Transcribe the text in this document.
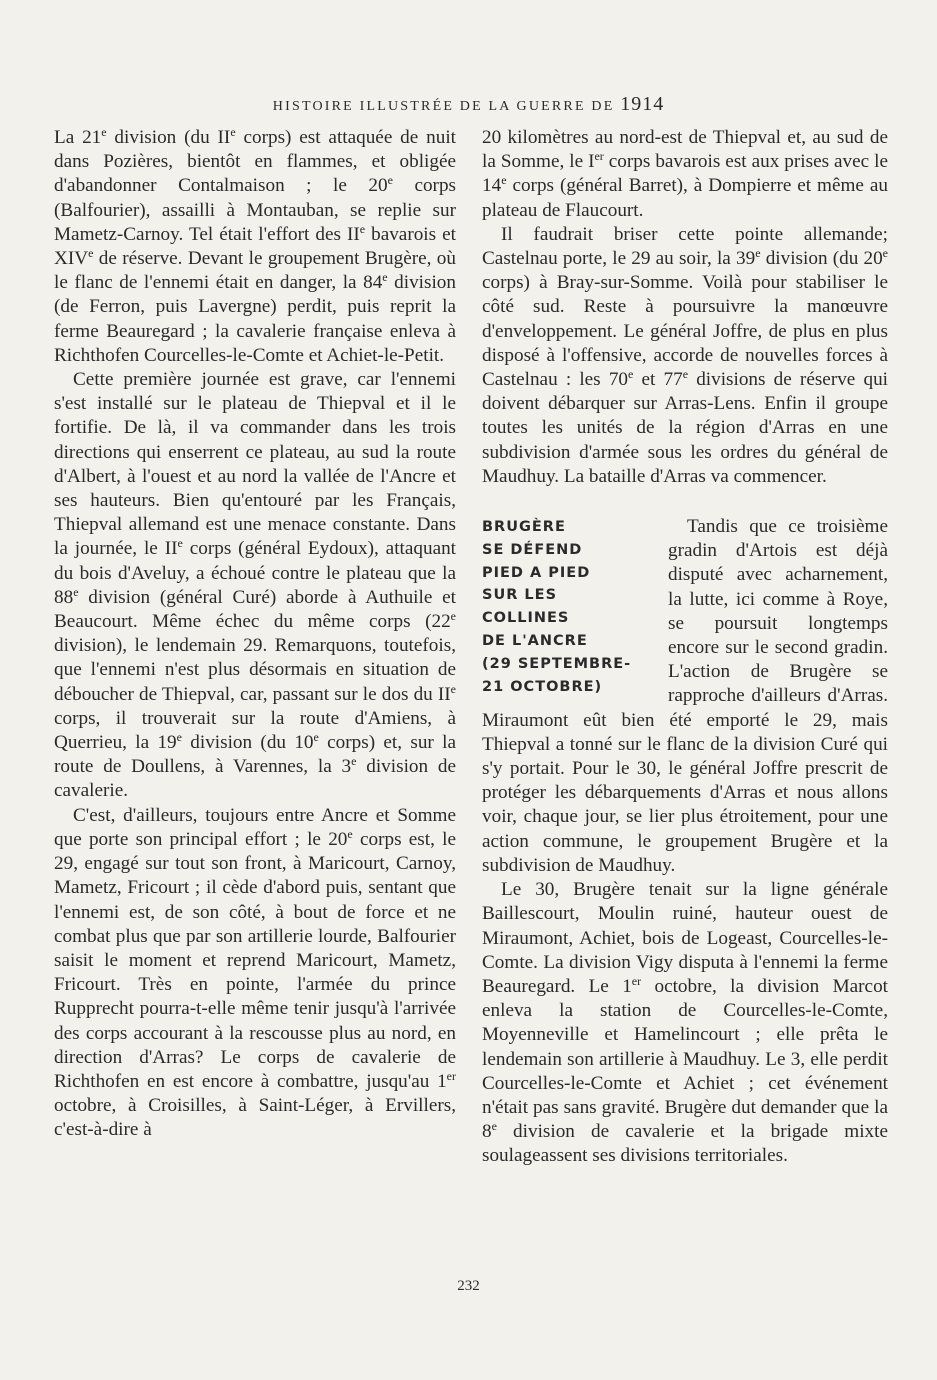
HISTOIRE ILLUSTRÉE DE LA GUERRE DE 1914

La 21e division (du IIe corps) est attaquée de nuit dans Pozières, bientôt en flammes, et obligée d'abandonner Contalmaison ; le 20e corps (Balfourier), assailli à Montauban, se replie sur Mametz-Carnoy. Tel était l'effort des IIe bavarois et XIVe de réserve. Devant le groupement Brugère, où le flanc de l'ennemi était en danger, la 84e division (de Ferron, puis Lavergne) perdit, puis reprit la ferme Beauregard ; la cavalerie française enleva à Richthofen Courcelles-le-Comte et Achiet-le-Petit.

Cette première journée est grave, car l'ennemi s'est installé sur le plateau de Thiepval et il le fortifie. De là, il va commander dans les trois directions qui enserrent ce plateau, au sud la route d'Albert, à l'ouest et au nord la vallée de l'Ancre et ses hauteurs. Bien qu'entouré par les Français, Thiepval allemand est une menace constante. Dans la journée, le IIe corps (général Eydoux), attaquant du bois d'Aveluy, a échoué contre le plateau que la 88e division (général Curé) aborde à Authuile et Beaucourt. Même échec du même corps (22e division), le lendemain 29. Remarquons, toutefois, que l'ennemi n'est plus désormais en situation de déboucher de Thiepval, car, passant sur le dos du IIe corps, il trouverait sur la route d'Amiens, à Querrieu, la 19e division (du 10e corps) et, sur la route de Doullens, à Varennes, la 3e division de cavalerie.

C'est, d'ailleurs, toujours entre Ancre et Somme que porte son principal effort ; le 20e corps est, le 29, engagé sur tout son front, à Maricourt, Carnoy, Mametz, Fricourt ; il cède d'abord puis, sentant que l'ennemi est, de son côté, à bout de force et ne combat plus que par son artillerie lourde, Balfourier saisit le moment et reprend Maricourt, Mametz, Fricourt. Très en pointe, l'armée du prince Rupprecht pourra-t-elle même tenir jusqu'à l'arrivée des corps accourant à la rescousse plus au nord, en direction d'Arras? Le corps de cavalerie de Richthofen en est encore à combattre, jusqu'au 1er octobre, à Croisilles, à Saint-Léger, à Ervillers, c'est-à-dire à

20 kilomètres au nord-est de Thiepval et, au sud de la Somme, le Ier corps bavarois est aux prises avec le 14e corps (général Barret), à Dompierre et même au plateau de Flaucourt.

Il faudrait briser cette pointe allemande; Castelnau porte, le 29 au soir, la 39e division (du 20e corps) à Bray-sur-Somme. Voilà pour stabiliser le côté sud. Reste à poursuivre la manœuvre d'enveloppement. Le général Joffre, de plus en plus disposé à l'offensive, accorde de nouvelles forces à Castelnau : les 70e et 77e divisions de réserve qui doivent débarquer sur Arras-Lens. Enfin il groupe toutes les unités de la région d'Arras en une subdivision d'armée sous les ordres du général de Maudhuy. La bataille d'Arras va commencer.

BRUGÈRE
SE DÉFEND
PIED A PIED
SUR LES
COLLINES
DE L'ANCRE
(29 SEPTEMBRE-
21 OCTOBRE)

Tandis que ce troisième gradin d'Artois est déjà disputé avec acharnement, la lutte, ici comme à Roye, se poursuit longtemps encore sur le second gradin. L'action de Brugère se rapproche d'ailleurs d'Arras. Miraumont eût bien été emporté le 29, mais Thiepval a tonné sur le flanc de la division Curé qui s'y portait. Pour le 30, le général Joffre prescrit de protéger les débarquements d'Arras et nous allons voir, chaque jour, se lier plus étroitement, pour une action commune, le groupement Brugère et la subdivision de Maudhuy.

Le 30, Brugère tenait sur la ligne générale Baillescourt, Moulin ruiné, hauteur ouest de Miraumont, Achiet, bois de Logeast, Courcelles-le-Comte. La division Vigy disputa à l'ennemi la ferme Beauregard. Le 1er octobre, la division Marcot enleva la station de Courcelles-le-Comte, Moyenneville et Hamelincourt ; elle prêta le lendemain son artillerie à Maudhuy. Le 3, elle perdit Courcelles-le-Comte et Achiet ; cet événement n'était pas sans gravité. Brugère dut demander que la 8e division de cavalerie et la brigade mixte soulageassent ses divisions territoriales.

232
